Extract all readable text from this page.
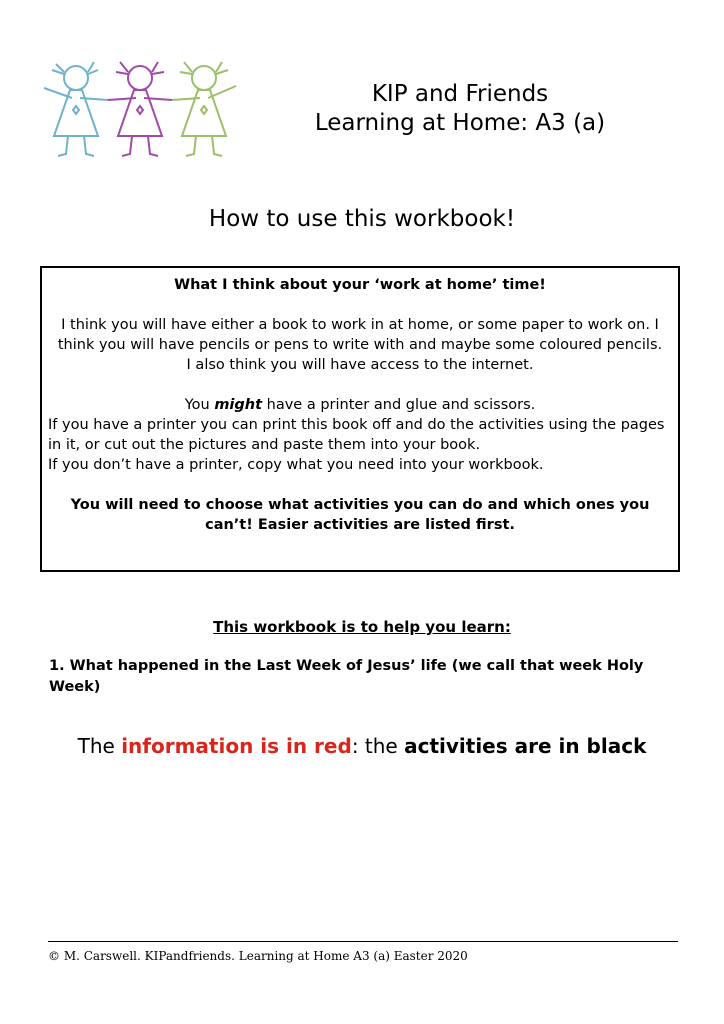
KIP and Friends
Learning at Home: A3 (a)
How to use this workbook!

What I think about your ‘work at home’ time!

I think you will have either a book to work in at home, or some paper to work on. I think you will have pencils or pens to write with and maybe some coloured pencils.

I also think you will have access to the internet.

You might have a printer and glue and scissors.

If you have a printer you can print this book off and do the activities using the pages in it, or cut out the pictures and paste them into your book.

If you don’t have a printer, copy what you need into your workbook.

You will need to choose what activities you can do and which ones you can’t! Easier activities are listed first.

This workbook is to help you learn:
1. What happened in the Last Week of Jesus’ life (we call that week Holy Week)
The information is in red: the activities are in black
© M. Carswell. KIPandfriends. Learning at Home A3 (a) Easter 2020
